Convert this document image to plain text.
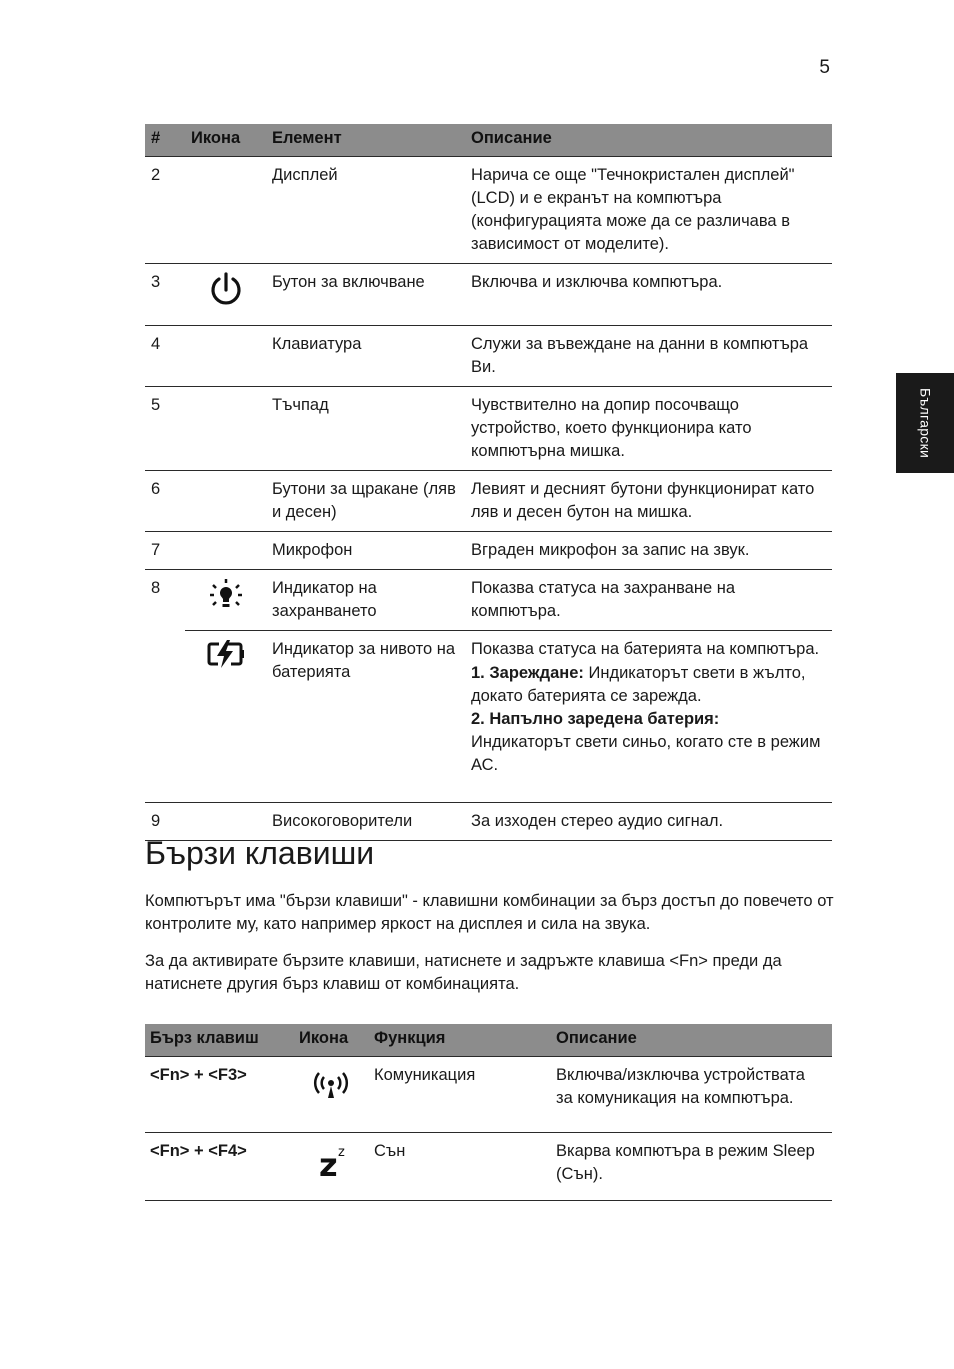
5
Български
#	Икона	Елемент	Описание
2		Дисплей	Нарича се още "Течнокристален дисплей" (LCD) и е екранът на компютъра (конфигурацията може да се различава в зависимост от моделите).
3		Бутон за включване	Включва и изключва компютъра.
4		Клавиатура	Служи за въвеждане на данни в компютъра Ви.
5		Тъчпад	Чувствително на допир посочващо устройство, което функционира като компютърна мишка.
6		Бутони за щракане (ляв и десен)	Левият и десният бутони функционират като ляв и десен бутон на мишка.
7		Микрофон	Вграден микрофон за запис на звук.
8		Индикатор на захранването	Показва статуса на захранване на компютъра.
		Индикатор за нивото на батерията	Показва статуса на батерията на компютъра.
1. Зареждане: Индикаторът свети в жълто, докато батерията се зарежда.
2. Напълно заредена батерия:
Индикаторът свети синьо, когато сте в режим АС.

9		Високоговорители	За изходен стерео аудио сигнал.
Бързи клавиши

Компютърът има "бързи клавиши" - клавишни комбинации за бърз достъп до повечето от контролите му, като например яркост на дисплея и сила на звука.

За да активирате бързите клавиши, натиснете и задръжте клавиша <Fn> преди да натиснете другия бърз клавиш от комбинацията.

Бърз клавиш	Икона	Функция	Описание
<Fn> + <F3>		Комуникация	Включва/изключва устройствата за комуникация на компютъра.
<Fn> + <F4>	z z	Сън	Вкарва компютъра в режим Sleep (Сън).
